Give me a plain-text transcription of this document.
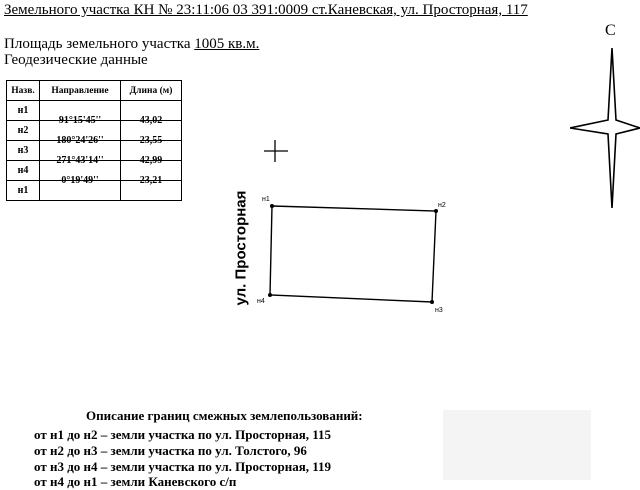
Земельного участка КН № 23:11:06 03 391:0009 ст.Каневская, ул. Просторная, 117
Площадь земельного участка 1005 кв.м.
Геодезические данные
Назв.	Направление	Длина (м)
н1	91°15'45''	43,02
н2	180°24'26''	23,55
н3	271°43'14''	42,99
н4	0°19'49''	23,21
н1		
С
н1
н2
н3
н4
ул. Просторная
Описание границ смежных землепользований:
от н1 до н2 – земли участка по ул. Просторная, 115
от н2 до н3 – земли участка по ул. Толстого, 96
от н3 до н4 – земли участка по ул. Просторная, 119
от н4 до н1 – земли Каневского с/п
